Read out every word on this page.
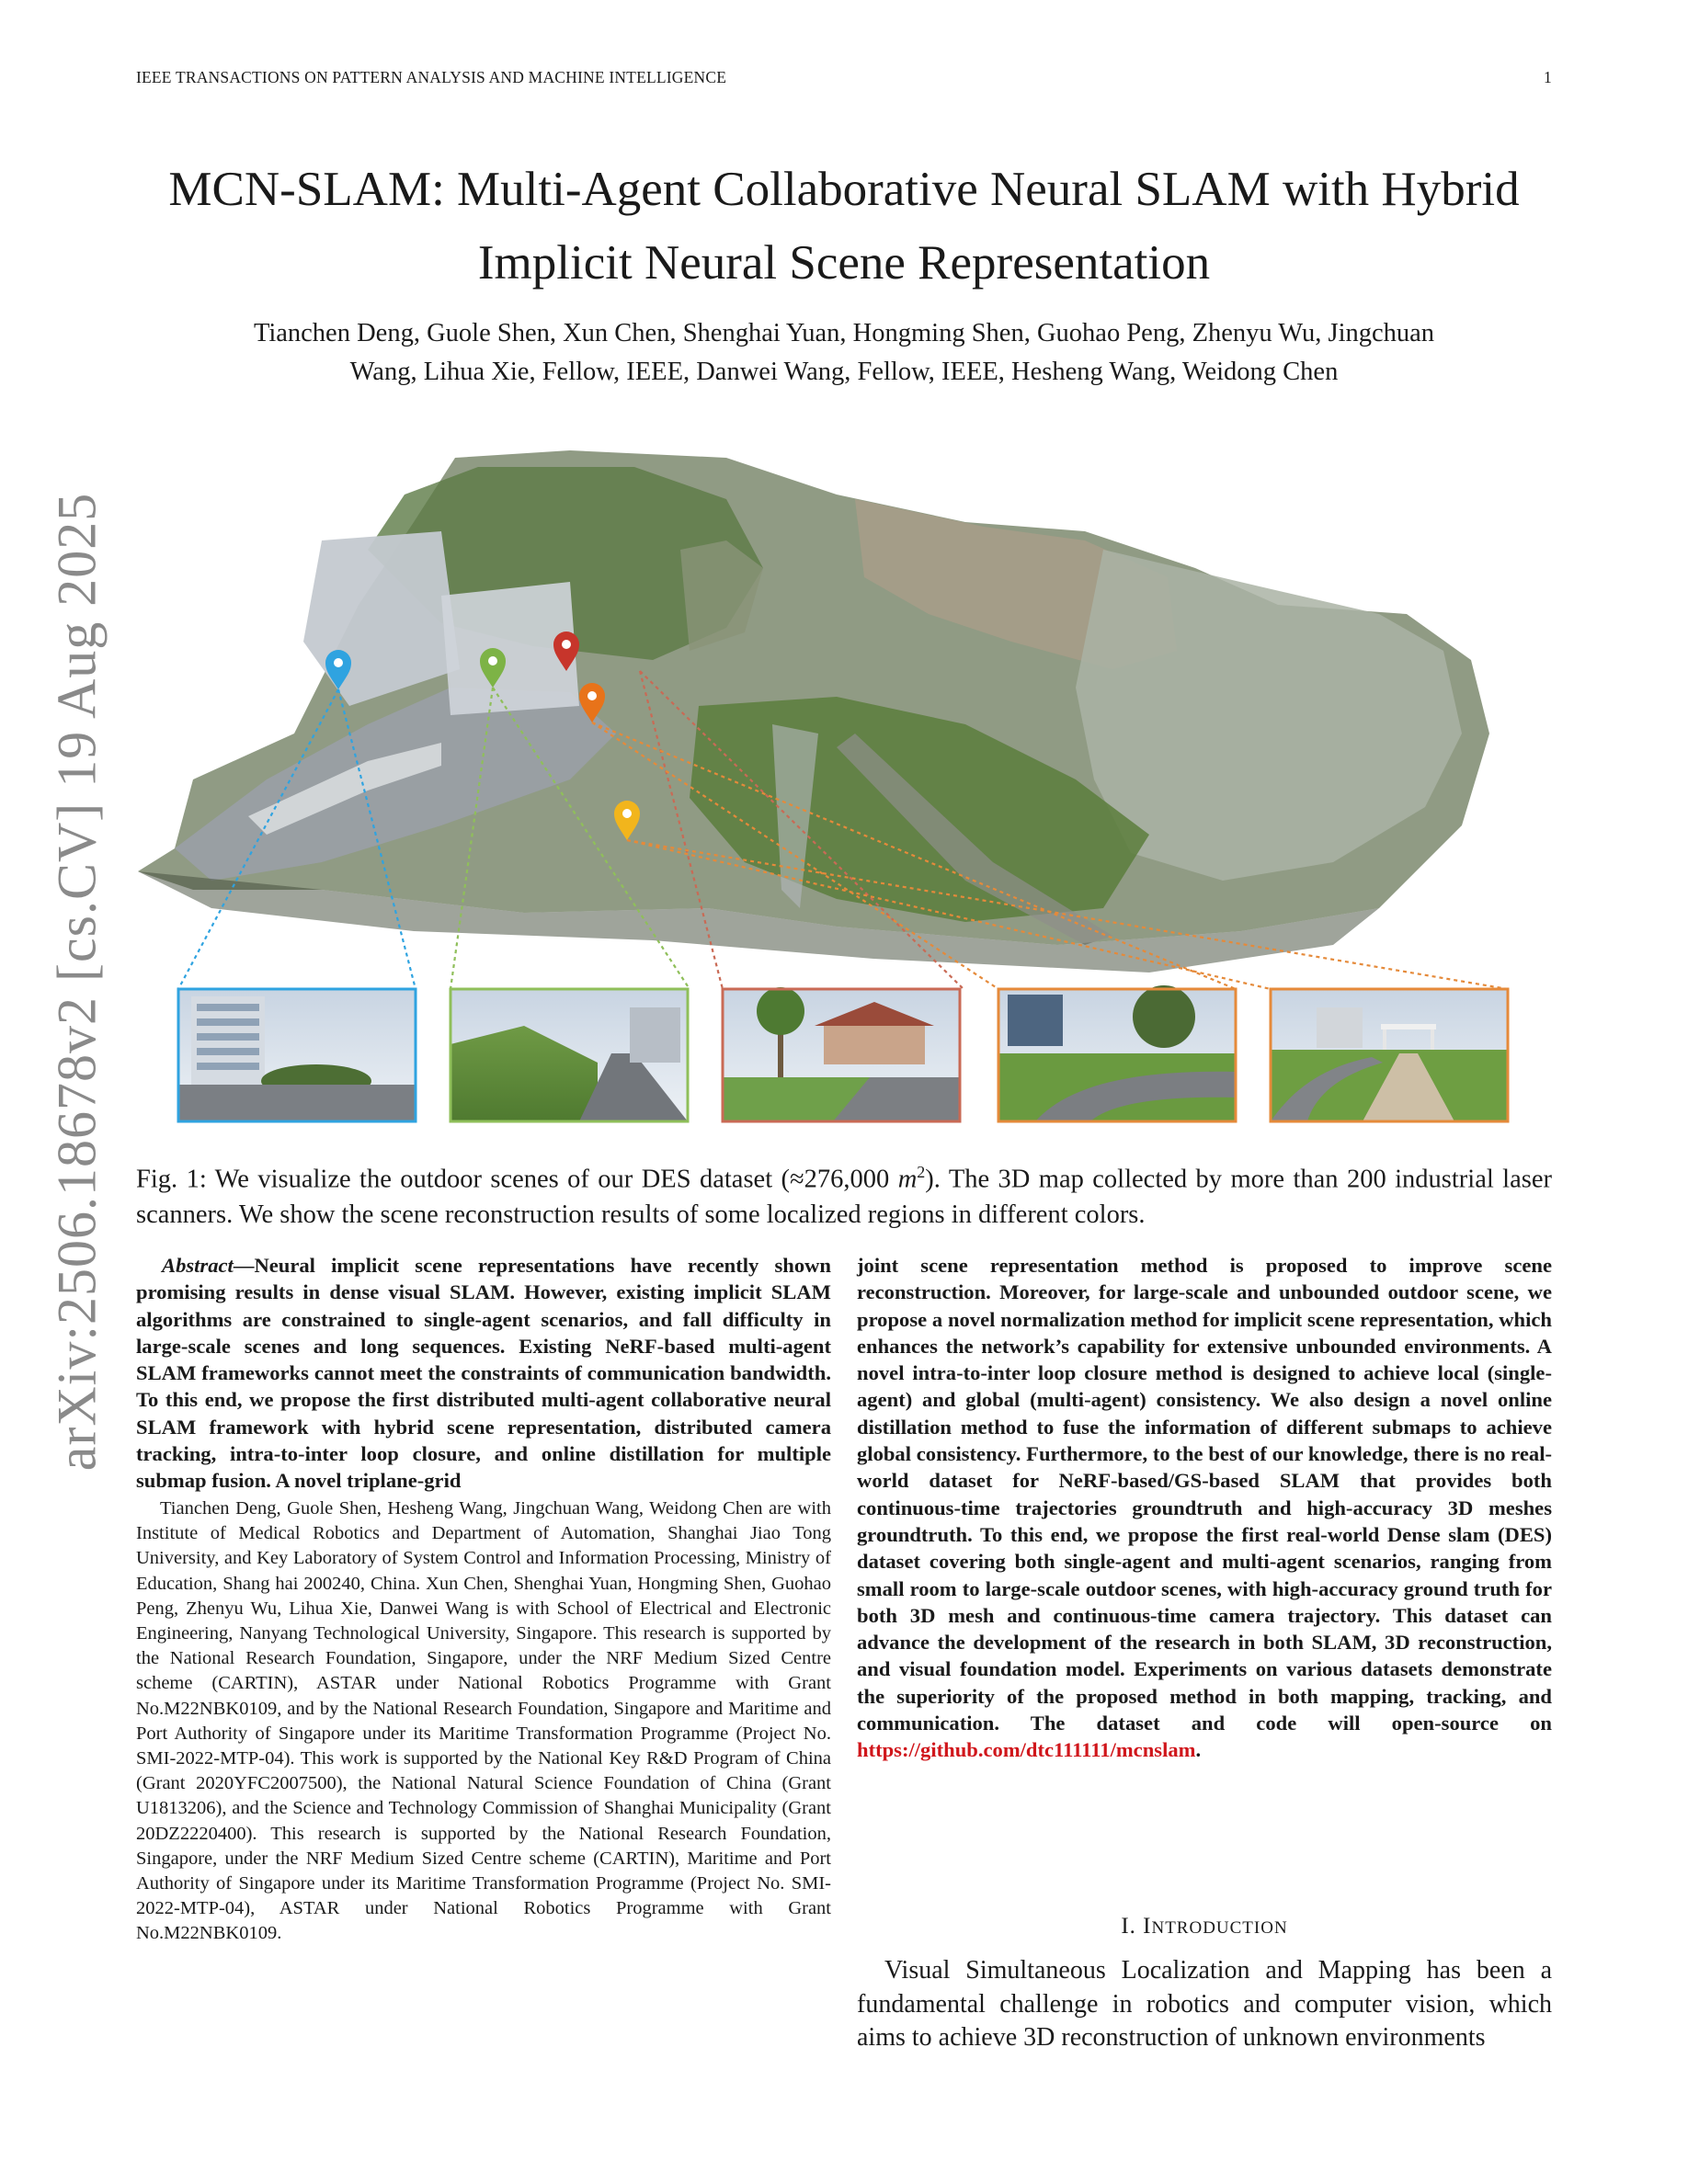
IEEE TRANSACTIONS ON PATTERN ANALYSIS AND MACHINE INTELLIGENCE	1
MCN-SLAM: Multi-Agent Collaborative Neural SLAM with Hybrid
Implicit Neural Scene Representation
Tianchen Deng, Guole Shen, Xun Chen, Shenghai Yuan, Hongming Shen, Guohao Peng, Zhenyu Wu, Jingchuan
Wang, Lihua Xie, Fellow, IEEE, Danwei Wang, Fellow, IEEE, Hesheng Wang, Weidong Chen
arXiv:2506.18678v2 [cs.CV] 19 Aug 2025 Fig. 1: We visualize the outdoor scenes of our DES dataset (≈276,000 $m^2$). The 3D map collected by more than 200 industrial laser scanners. We show the scene reconstruction results of some localized regions in different colors.

Abstract — Neural implicit scene representations have recently shown promising results in dense visual SLAM. However, existing implicit SLAM algorithms are constrained to single-agent scenarios, and fall difficulty in large-scale scenes and long sequences. Existing NeRF-based multi-agent SLAM frameworks cannot meet the constraints of communication bandwidth. To this end, we propose the first distributed multi-agent collaborative neural SLAM framework with hybrid scene representation, distributed camera tracking, intra-to-inter loop closure, and online distillation for multiple submap fusion. A novel triplane-grid

Tianchen Deng, Guole Shen, Hesheng Wang, Jingchuan Wang, Weidong Chen are with Institute of Medical Robotics and Department of Automation, Shanghai Jiao Tong University, and Key Laboratory of System Control and Information Processing, Ministry of Education, Shang hai 200240, China. Xun Chen, Shenghai Yuan, Hongming Shen, Guohao Peng, Zhenyu Wu, Lihua Xie, Danwei Wang is with School of Electrical and Electronic Engineering, Nanyang Technological University, Singapore. This research is supported by the National Research Foundation, Singapore, under the NRF Medium Sized Centre scheme (CARTIN), ASTAR under National Robotics Programme with Grant No.M22NBK0109, and by the National Research Foundation, Singapore and Maritime and Port Authority of Singapore under its Maritime Transformation Programme (Project No. SMI-2022-MTP-04). This work is supported by the National Key R&D Program of China (Grant 2020YFC2007500), the National Natural Science Foundation of China (Grant U1813206), and the Science and Technology Commission of Shanghai Municipality (Grant 20DZ2220400). This research is supported by the National Research Foundation, Singapore, under the NRF Medium Sized Centre scheme (CARTIN), Maritime and Port Authority of Singapore under its Maritime Transformation Programme (Project No. SMI-2022-MTP-04), ASTAR under National Robotics Programme with Grant No.M22NBK0109.

joint scene representation method is proposed to improve scene reconstruction. Moreover, for large-scale and unbounded outdoor scene, we propose a novel normalization method for implicit scene representation, which enhances the network’s capability for extensive unbounded environments. A novel intra-to-inter loop closure method is designed to achieve local (single-agent) and global (multi-agent) consistency. We also design a novel online distillation method to fuse the information of different submaps to achieve global consistency. Furthermore, to the best of our knowledge, there is no real-world dataset for NeRF-based/GS-based SLAM that provides both continuous-time trajectories groundtruth and high-accuracy 3D meshes groundtruth. To this end, we propose the first real-world Dense slam (DES) dataset covering both single-agent and multi-agent scenarios, ranging from small room to large-scale outdoor scenes, with high-accuracy ground truth for both 3D mesh and continuous-time camera trajectory. This dataset can advance the development of the research in both SLAM, 3D reconstruction, and visual foundation model. Experiments on various datasets demonstrate the superiority of the proposed method in both mapping, tracking, and communication. The dataset and code will open-source on https://github.com/dtc111111/mcnslam.

I. INTRODUCTION

Visual Simultaneous Localization and Mapping has been a fundamental challenge in robotics and computer vision, which aims to achieve 3D reconstruction of unknown environments
